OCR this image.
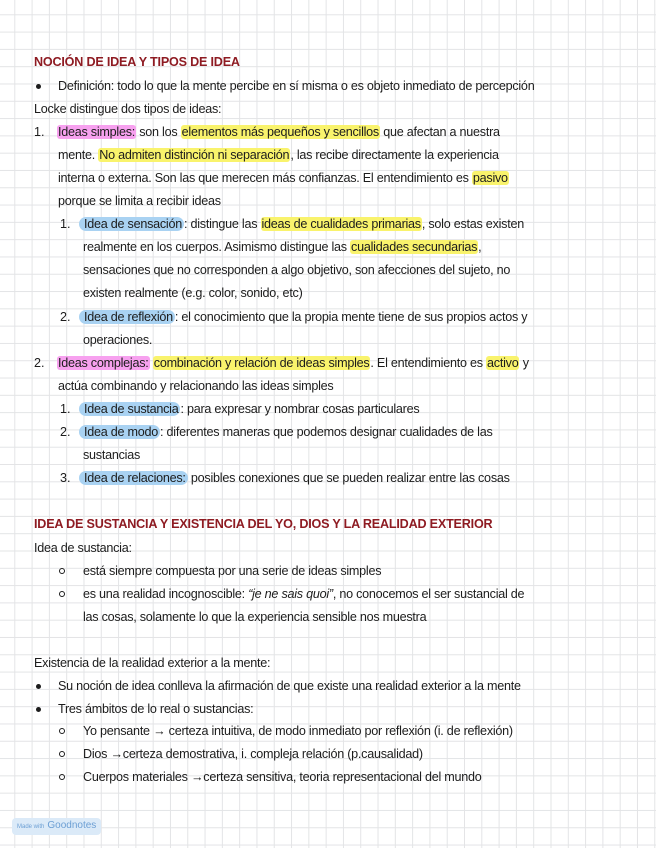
NOCIÓN DE IDEA Y TIPOS DE IDEA
Definición: todo lo que la mente percibe en sí misma o es objeto inmediato de percepción
Locke distingue dos tipos de ideas:
1. Ideas simples: son los elementos más pequeños y sencillos que afectan a nuestra
mente. No admiten distinción ni separación, las recibe directamente la experiencia
interna o externa. Son las que merecen más confianzas. El entendimiento es pasivo
porque se limita a recibir ideas
1.	Idea de sensación : distingue las ideas de cualidades primarias, solo estas existen
realmente en los cuerpos. Asimismo distingue las cualidades secundarias,
sensaciones que no corresponden a algo objetivo, son afecciones del sujeto, no
existen realmente (e.g. color, sonido, etc)
2.	Idea de reflexión : el conocimiento que la propia mente tiene de sus propios actos y
operaciones.
2. Ideas complejas: combinación y relación de ideas simples. El entendimiento es activo y
actúa combinando y relacionando las ideas simples
1.	Idea de sustancia : para expresar y nombrar cosas particulares
2.	Idea de modo : diferentes maneras que podemos designar cualidades de las
sustancias
3.	Idea de relaciones: posibles conexiones que se pueden realizar entre las cosas
IDEA DE SUSTANCIA Y EXISTENCIA DEL YO, DIOS Y LA REALIDAD EXTERIOR
Idea de sustancia:
está siempre compuesta por una serie de ideas simples
es una realidad incognoscible: “je ne sais quoi”, no conocemos el ser sustancial de
las cosas, solamente lo que la experiencia sensible nos muestra
Existencia de la realidad exterior a la mente:
Su noción de idea conlleva la afirmación de que existe una realidad exterior a la mente
Tres ámbitos de lo real o sustancias:
Yo pensante → certeza intuitiva, de modo inmediato por reflexión (i. de reflexión)
Dios →certeza demostrativa, i. compleja relación (p.causalidad)
Cuerpos materiales →certeza sensitiva, teoria representacional del mundo
Made with Goodnotes
